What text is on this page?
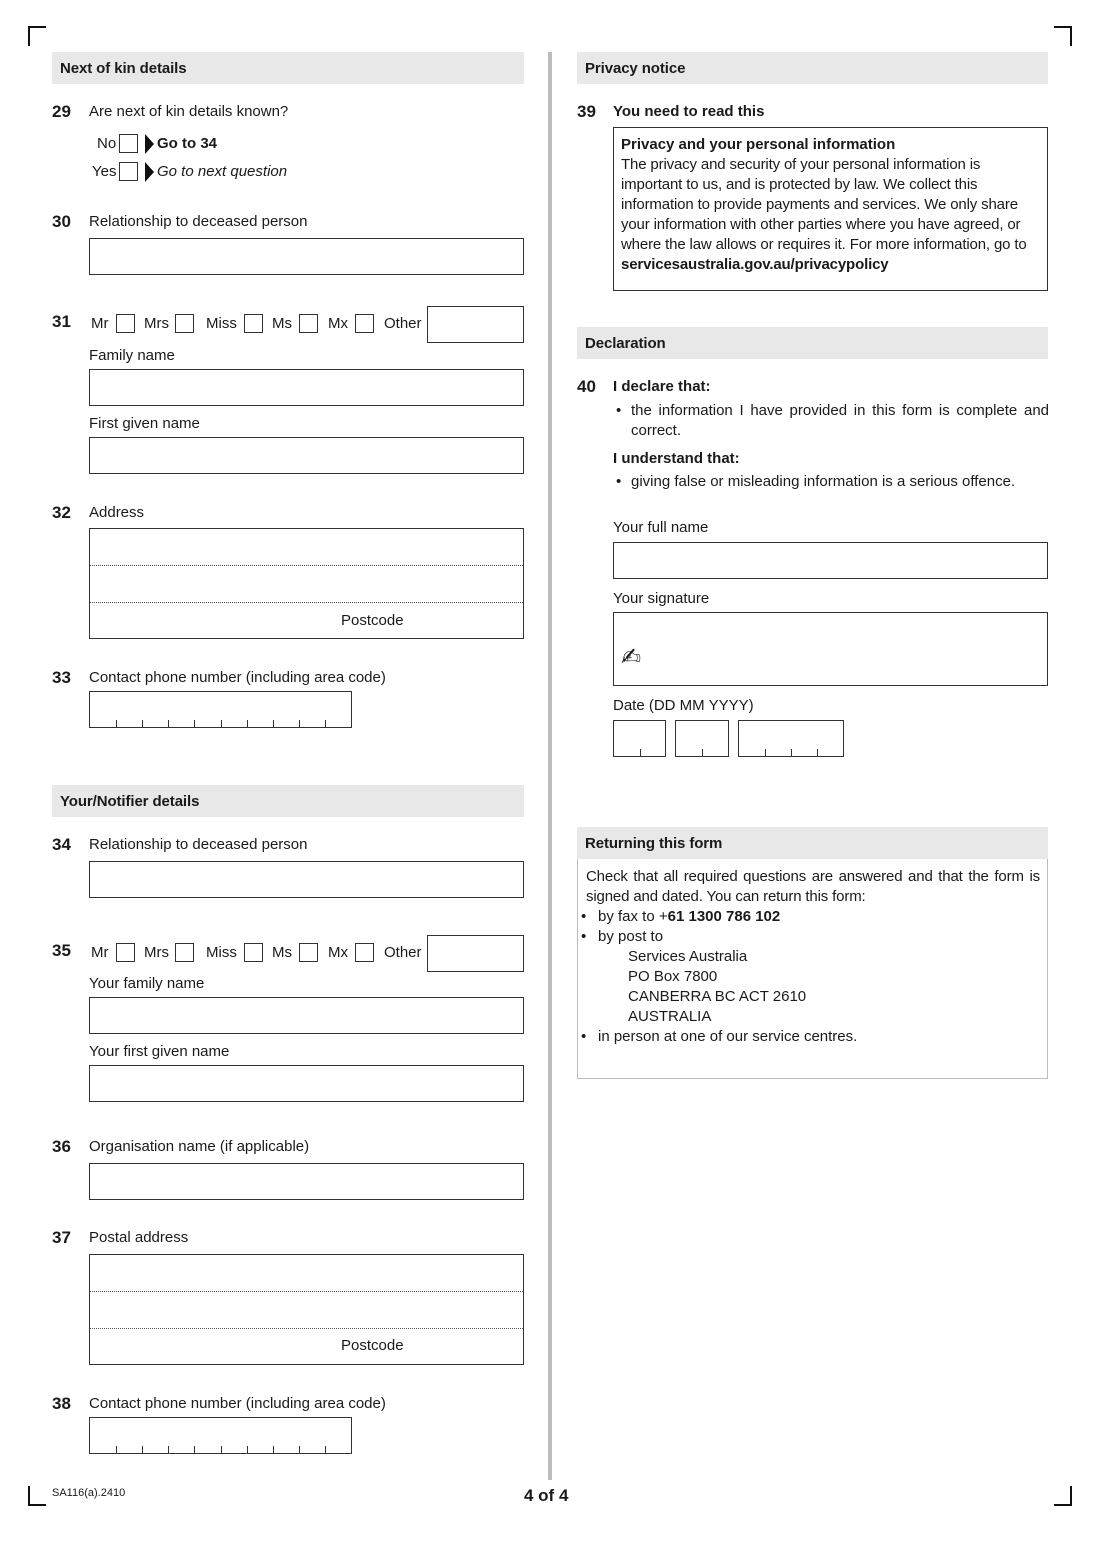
Next of kin details
29 Are next of kin details known?
No	Go to 34
Yes	Go to next question
30 Relationship to deceased person
31 Mr Mrs Miss Ms Mx Other
Family name
First given name
32 Address
Postcode
33 Contact phone number (including area code)
Your/Notifier details
34 Relationship to deceased person
35 Mr Mrs Miss Ms Mx Other
Your family name
Your first given name
36 Organisation name (if applicable)
37 Postal address
Postcode
38 Contact phone number (including area code)
Privacy notice
39 You need to read this
Privacy and your personal information
The privacy and security of your personal information is important to us, and is protected by law. We collect this information to provide payments and services. We only share your information with other parties where you have agreed, or where the law allows or requires it. For more information, go to servicesaustralia.gov.au/privacypolicy
Declaration
40 I declare that:
• the information I have provided in this form is complete and correct.
I understand that:
• giving false or misleading information is a serious offence.
Your full name
Your signature
✍
Date (DD MM YYYY)
Returning this form
Check that all required questions are answered and that the form is signed and dated. You can return this form:
• by fax to +61 1300 786 102
• by post to
Services Australia
PO Box 7800
CANBERRA BC ACT 2610
AUSTRALIA
• in person at one of our service centres.
SA116(a).2410	4 of 4
